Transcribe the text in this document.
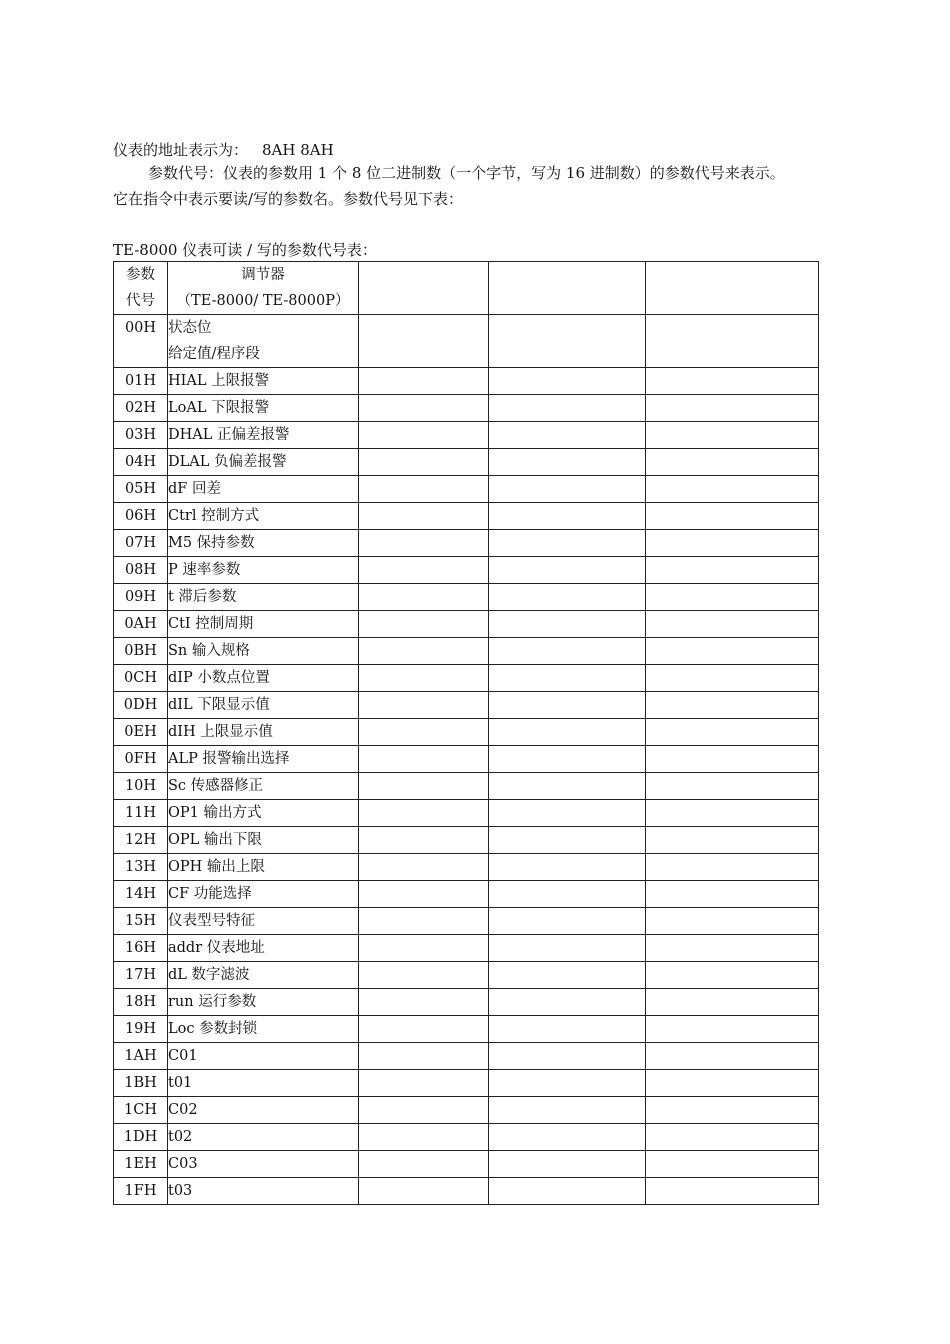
仪表的地址表示为： 8AH 8AH
参数代号：仪表的参数用 1 个 8 位二进制数（一个字节，写为 16 进制数）的参数代号来表示。
它在指令中表示要读/写的参数名。参数代号见下表：
TE-8000 仪表可读 / 写的参数代号表：
参数
代号	调节器
（TE-8000/ TE-8000P）			

00H	状态位
给定值/程序段			

01H	HIAL 上限报警			
02H	LoAL 下限报警			
03H	DHAL 正偏差报警			
04H	DLAL 负偏差报警			
05H	dF 回差			
06H	Ctrl 控制方式			
07H	M5 保持参数			
08H	P 速率参数			
09H	t 滞后参数			
0AH	CtI 控制周期			
0BH	Sn 输入规格			
0CH	dIP 小数点位置			
0DH	dIL 下限显示值			
0EH	dIH 上限显示值			
0FH	ALP 报警输出选择			
10H	Sc 传感器修正			
11H	OP1 输出方式			
12H	OPL 输出下限			
13H	OPH 输出上限			
14H	CF 功能选择			
15H	仪表型号特征			
16H	addr 仪表地址			
17H	dL 数字滤波			
18H	run 运行参数			
19H	Loc 参数封锁			
1AH	C01			
1BH	t01			
1CH	C02			
1DH	t02			
1EH	C03			
1FH	t03			
